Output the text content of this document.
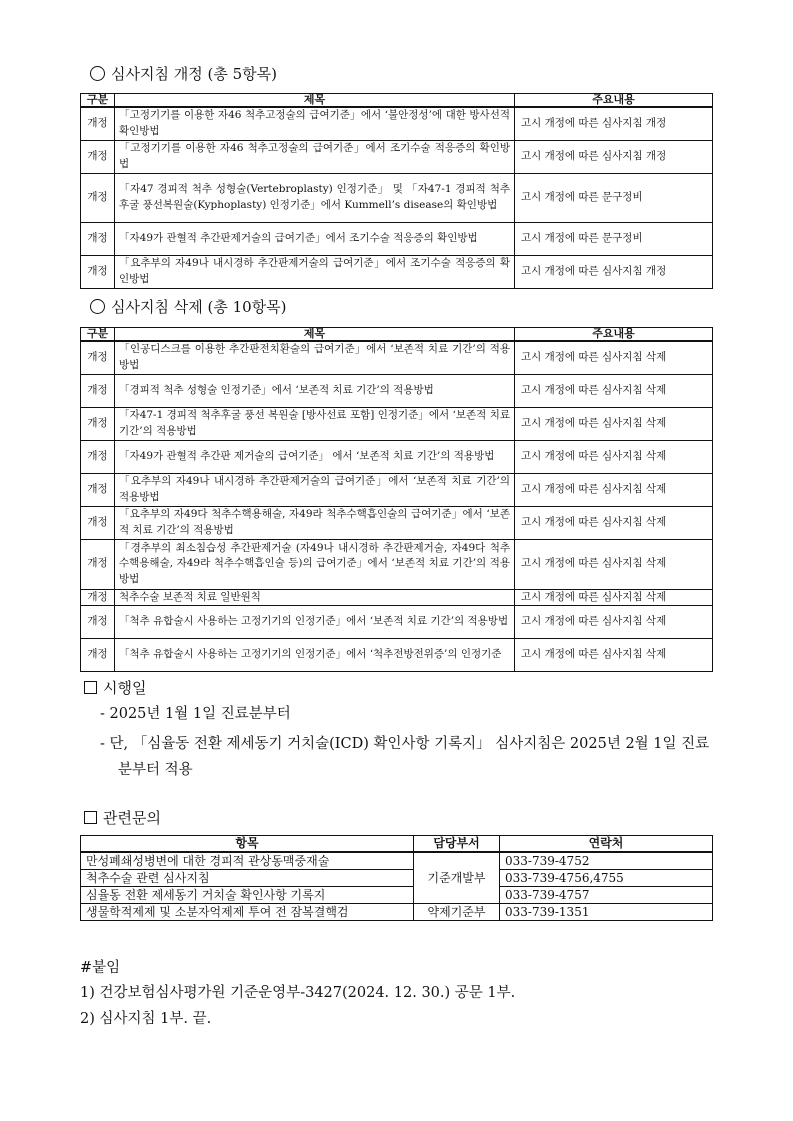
심사지침 개정 (총 5항목)
구분	제목	주요내용
개정	「고정기기를 이용한 자46 척추고정술의 급여기준」에서 ‘불안정성’에 대한 방사선적 확인방법	고시 개정에 따른 심사지침 개정
개정	「고정기기를 이용한 자46 척추고정술의 급여기준」에서 조기수술 적응증의 확인방법	고시 개정에 따른 심사지침 개정
개정	「자47 경피적 척추 성형술(Vertebroplasty) 인정기준」 및 「자47-1 경피적 척추후굴 풍선복원술(Kyphoplasty) 인정기준」에서 Kummell’s disease의 확인방법	고시 개정에 따른 문구정비
개정	「자49가 관혈적 추간판제거술의 급여기준」에서 조기수술 적응증의 확인방법	고시 개정에 따른 문구정비
개정	「요추부의 자49나 내시경하 추간판제거술의 급여기준」에서 조기수술 적응증의 확인방법	고시 개정에 따른 심사지침 개정
심사지침 삭제 (총 10항목)
구분	제목	주요내용
개정	「인공디스크를 이용한 추간판전치환술의 급여기준」에서 ‘보존적 치료 기간’의 적용방법	고시 개정에 따른 심사지침 삭제
개정	「경피적 척추 성형술 인정기준」에서 ‘보존적 치료 기간’의 적용방법	고시 개정에 따른 심사지침 삭제
개정	「자47-1 경피적 척추후굴 풍선 복원술 [방사선료 포함] 인정기준」에서 ‘보존적 치료 기간’의 적용방법	고시 개정에 따른 심사지침 삭제
개정	「자49가 관혈적 추간판 제거술의 급여기준」 에서 ‘보존적 치료 기간’의 적용방법	고시 개정에 따른 심사지침 삭제
개정	「요추부의 자49나 내시경하 추간판제거술의 급여기준」에서 ‘보존적 치료 기간’의 적용방법	고시 개정에 따른 심사지침 삭제
개정	「요추부의 자49다 척추수핵용해술, 자49라 척추수핵흡인술의 급여기준」에서 ‘보존적 치료 기간’의 적용방법	고시 개정에 따른 심사지침 삭제
개정	「경추부의 최소침습성 추간판제거술 (자49나 내시경하 추간판제거술, 자49다 척추수핵용해술, 자49라 척추수핵흡인술 등)의 급여기준」에서 ‘보존적 치료 기간’의 적용방법	고시 개정에 따른 심사지침 삭제
개정	척추수술 보존적 치료 일반원칙	고시 개정에 따른 심사지침 삭제
개정	「척추 유합술시 사용하는 고정기기의 인정기준」에서 ‘보존적 치료 기간’의 적용방법	고시 개정에 따른 심사지침 삭제
개정	「척추 유합술시 사용하는 고정기기의 인정기준」에서 ‘척추전방전위증’의 인정기준	고시 개정에 따른 심사지침 삭제
시행일
- 2025년 1월 1일 진료분부터
- 단, 「심율동 전환 제세동기 거치술(ICD) 확인사항 기록지」 심사지침은 2025년 2월 1일 진료분부터 적용
관련문의
항목	담당부서	연락처
만성폐쇄성병변에 대한 경피적 관상동맥중재술	기준개발부	033-739-4752
척추수술 관련 심사지침		033-739-4756,4755
심율동 전환 제세동기 거치술 확인사항 기록지		033-739-4757
생물학적제제 및 소분자억제제 투여 전 잠복결핵검	약제기준부	033-739-1351
#붙임
1) 건강보험심사평가원 기준운영부-3427(2024. 12. 30.) 공문 1부.
2) 심사지침 1부. 끝.
